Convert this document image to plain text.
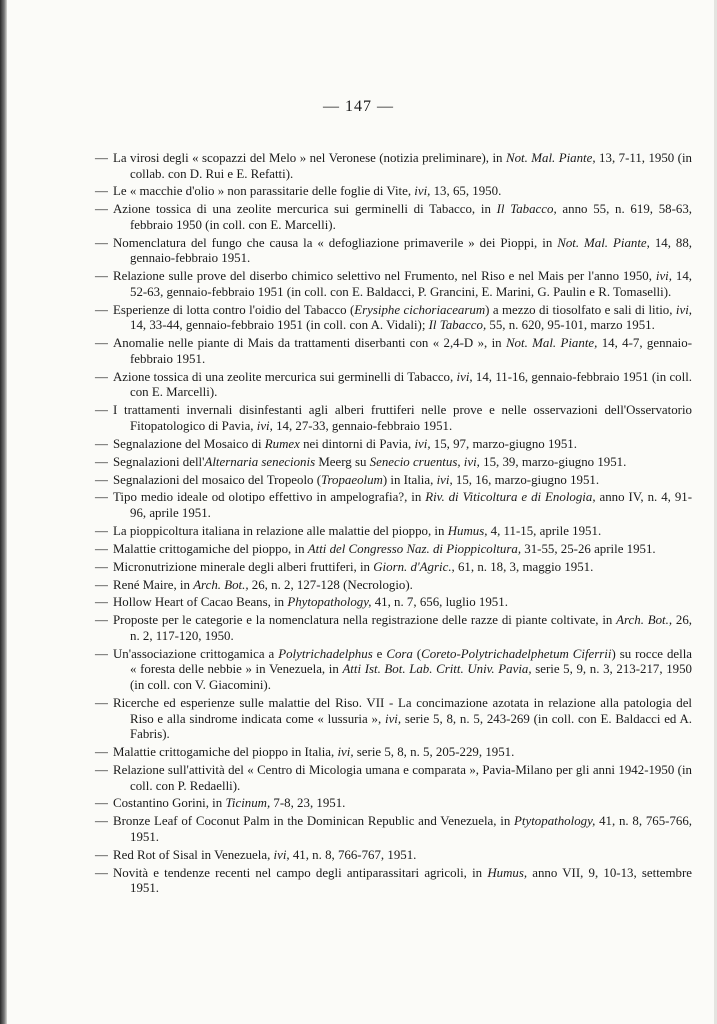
— 147 —
— La virosi degli « scopazzi del Melo » nel Veronese (notizia preliminare), in Not. Mal. Piante, 13, 7-11, 1950 (in collab. con D. Rui e E. Refatti).
— Le « macchie d'olio » non parassitarie delle foglie di Vite, ivi, 13, 65, 1950.
— Azione tossica di una zeolite mercurica sui germinelli di Tabacco, in Il Tabacco, anno 55, n. 619, 58-63, febbraio 1950 (in coll. con E. Marcelli).
— Nomenclatura del fungo che causa la « defogliazione primaverile » dei Pioppi, in Not. Mal. Piante, 14, 88, gennaio-febbraio 1951.
— Relazione sulle prove del diserbo chimico selettivo nel Frumento, nel Riso e nel Mais per l'anno 1950, ivi, 14, 52-63, gennaio-febbraio 1951 (in coll. con E. Baldacci, P. Grancini, E. Marini, G. Paulin e R. Tomaselli).
— Esperienze di lotta contro l'oidio del Tabacco (Erysiphe cichoriacearum) a mezzo di tiosolfato e sali di litio, ivi, 14, 33-44, gennaio-febbraio 1951 (in coll. con A. Vidali); Il Tabacco, 55, n. 620, 95-101, marzo 1951.
— Anomalie nelle piante di Mais da trattamenti diserbanti con « 2,4-D », in Not. Mal. Piante, 14, 4-7, gennaio-febbraio 1951.
— Azione tossica di una zeolite mercurica sui germinelli di Tabacco, ivi, 14, 11-16, gennaio-febbraio 1951 (in coll. con E. Marcelli).
— I trattamenti invernali disinfestanti agli alberi fruttiferi nelle prove e nelle osservazioni dell'Osservatorio Fitopatologico di Pavia, ivi, 14, 27-33, gennaio-febbraio 1951.
— Segnalazione del Mosaico di Rumex nei dintorni di Pavia, ivi, 15, 97, marzo-giugno 1951.
— Segnalazioni dell'Alternaria senecionis Meerg su Senecio cruentus, ivi, 15, 39, marzo-giugno 1951.
— Segnalazioni del mosaico del Tropeolo (Tropaeolum) in Italia, ivi, 15, 16, marzo-giugno 1951.
— Tipo medio ideale od olotipo effettivo in ampelografia?, in Riv. di Viticoltura e di Enologia, anno IV, n. 4, 91-96, aprile 1951.
— La pioppicoltura italiana in relazione alle malattie del pioppo, in Humus, 4, 11-15, aprile 1951.
— Malattie crittogamiche del pioppo, in Atti del Congresso Naz. di Pioppicoltura, 31-55, 25-26 aprile 1951.
— Micronutrizione minerale degli alberi fruttiferi, in Giorn. d'Agric., 61, n. 18, 3, maggio 1951.
— René Maire, in Arch. Bot., 26, n. 2, 127-128 (Necrologio).
— Hollow Heart of Cacao Beans, in Phytopathology, 41, n. 7, 656, luglio 1951.
— Proposte per le categorie e la nomenclatura nella registrazione delle razze di piante coltivate, in Arch. Bot., 26, n. 2, 117-120, 1950.
— Un'associazione crittogamica a Polytrichadelphus e Cora (Coreto-Polytrichadelphetum Ciferrii) su rocce della « foresta delle nebbie » in Venezuela, in Atti Ist. Bot. Lab. Critt. Univ. Pavia, serie 5, 9, n. 3, 213-217, 1950 (in coll. con V. Giacomini).
— Ricerche ed esperienze sulle malattie del Riso. VII - La concimazione azotata in relazione alla patologia del Riso e alla sindrome indicata come « lussuria », ivi, serie 5, 8, n. 5, 243-269 (in coll. con E. Baldacci ed A. Fabris).
— Malattie crittogamiche del pioppo in Italia, ivi, serie 5, 8, n. 5, 205-229, 1951.
— Relazione sull'attività del « Centro di Micologia umana e comparata », Pavia-Milano per gli anni 1942-1950 (in coll. con P. Redaelli).
— Costantino Gorini, in Ticinum, 7-8, 23, 1951.
— Bronze Leaf of Coconut Palm in the Dominican Republic and Venezuela, in Ptytopathology, 41, n. 8, 765-766, 1951.
— Red Rot of Sisal in Venezuela, ivi, 41, n. 8, 766-767, 1951.
— Novità e tendenze recenti nel campo degli antiparassitari agricoli, in Humus, anno VII, 9, 10-13, settembre 1951.
